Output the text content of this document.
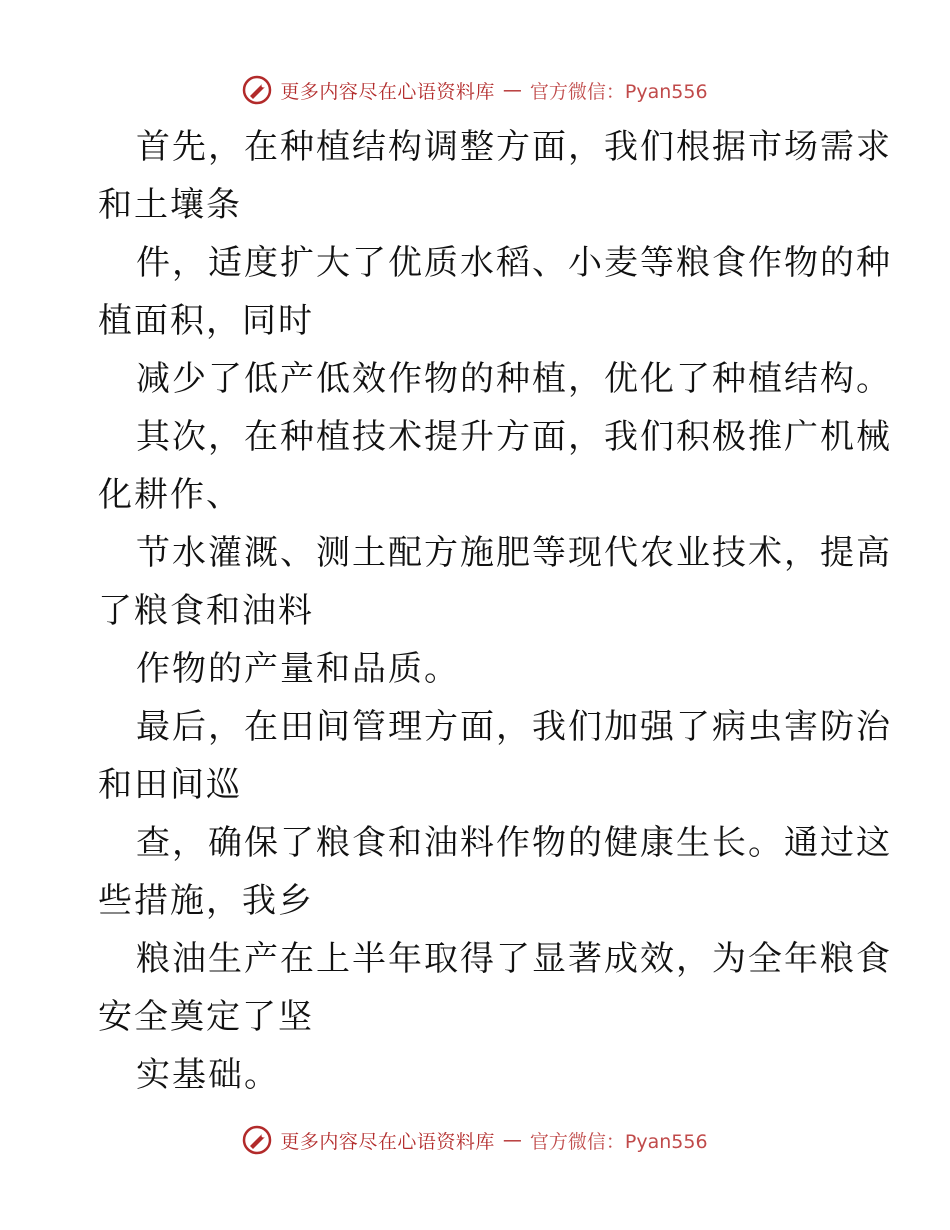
更多内容尽在心语资料库 — 官方微信：Pyan556
首先，在种植结构调整方面，我们根据市场需求
和土壤条
件，适度扩大了优质水稻、小麦等粮食作物的种
植面积，同时
减少了低产低效作物的种植，优化了种植结构。
其次，在种植技术提升方面，我们积极推广机械
化耕作、
节水灌溉、测土配方施肥等现代农业技术，提高
了粮食和油料
作物的产量和品质。
最后，在田间管理方面，我们加强了病虫害防治
和田间巡
查，确保了粮食和油料作物的健康生长。通过这
些措施，我乡
粮油生产在上半年取得了显著成效，为全年粮食
安全奠定了坚
实基础。
更多内容尽在心语资料库 — 官方微信：Pyan556
